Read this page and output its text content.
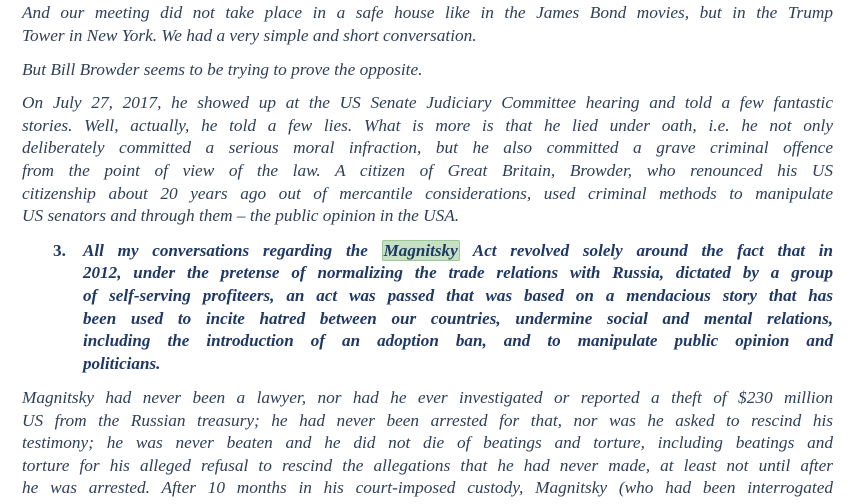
And our meeting did not take place in a safe house like in the James Bond movies, but in the Trump
Tower in New York. We had a very simple and short conversation.
But Bill Browder seems to be trying to prove the opposite.
On July 27, 2017, he showed up at the US Senate Judiciary Committee hearing and told a few fantastic
stories. Well, actually, he told a few lies. What is more is that he lied under oath, i.e. he not only
deliberately committed a serious moral infraction, but he also committed a grave criminal offence
from the point of view of the law. A citizen of Great Britain, Browder, who renounced his US
citizenship about 20 years ago out of mercantile considerations, used criminal methods to manipulate
US senators and through them – the public opinion in the USA.
3. All my conversations regarding the Magnitsky Act revolved solely around the fact that in
2012, under the pretense of normalizing the trade relations with Russia, dictated by a group
of self-serving profiteers, an act was passed that was based on a mendacious story that has
been used to incite hatred between our countries, undermine social and mental relations,
including the introduction of an adoption ban, and to manipulate public opinion and
politicians.
Magnitsky had never been a lawyer, nor had he ever investigated or reported a theft of $230 million
US from the Russian treasury; he had never been arrested for that, nor was he asked to rescind his
testimony; he was never beaten and he did not die of beatings and torture, including beatings and
torture for his alleged refusal to rescind the allegations that he had never made, at least not until after
he was arrested. After 10 months in his court-imposed custody, Magnitsky (who had been interrogated
